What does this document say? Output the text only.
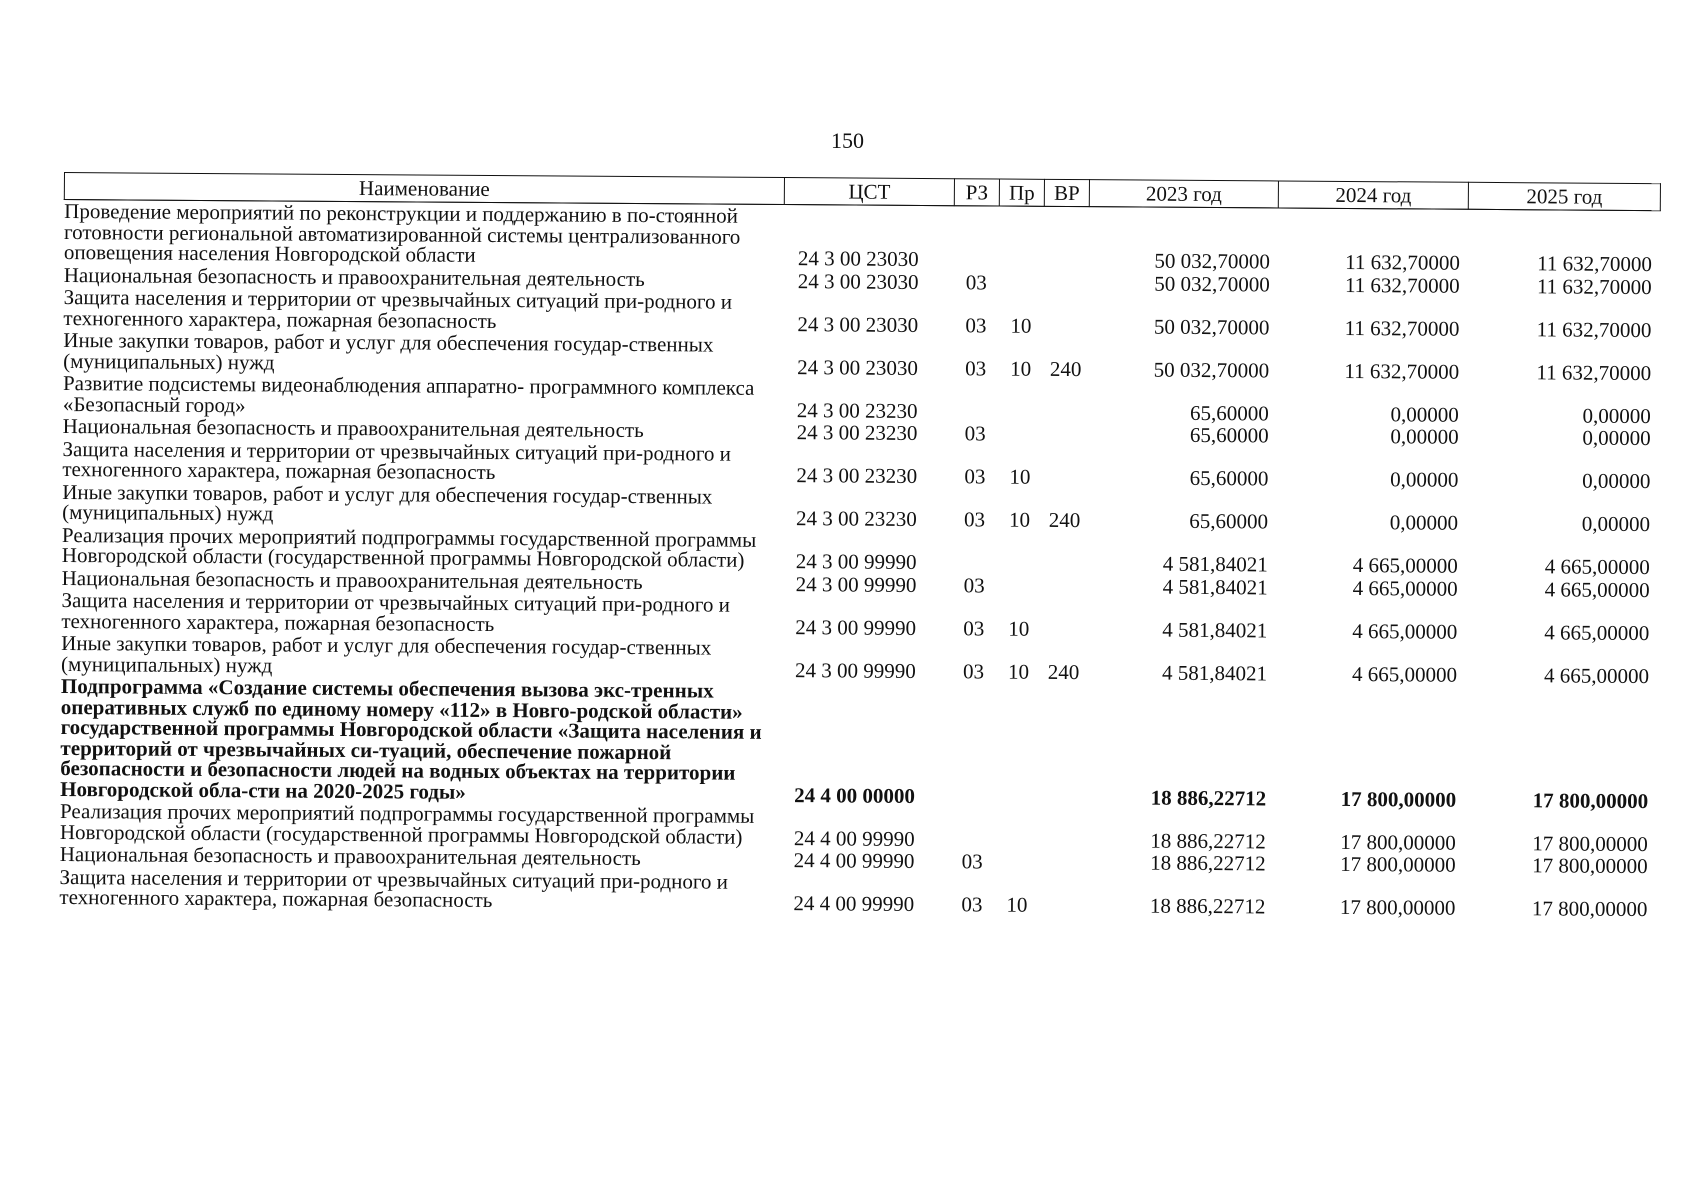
150
Наименование	ЦСТ	РЗ	Пр	ВР	2023 год	2024 год	2025 год
Проведение мероприятий по реконструкции и поддержанию в по-стоянной готовности региональной автоматизированной системы централизованного оповещения населения Новгородской области	24 3 00 23030				50 032,70000	11 632,70000	11 632,70000
Национальная безопасность и правоохранительная деятельность	24 3 00 23030	03			50 032,70000	11 632,70000	11 632,70000
Защита населения и территории от чрезвычайных ситуаций при-родного и техногенного характера, пожарная безопасность	24 3 00 23030	03	10		50 032,70000	11 632,70000	11 632,70000
Иные закупки товаров, работ и услуг для обеспечения государ-ственных (муниципальных) нужд	24 3 00 23030	03	10	240	50 032,70000	11 632,70000	11 632,70000
Развитие подсистемы видеонаблюдения аппаратно- программного комплекса «Безопасный город»	24 3 00 23230				65,60000	0,00000	0,00000
Национальная безопасность и правоохранительная деятельность	24 3 00 23230	03			65,60000	0,00000	0,00000
Защита населения и территории от чрезвычайных ситуаций при-родного и техногенного характера, пожарная безопасность	24 3 00 23230	03	10		65,60000	0,00000	0,00000
Иные закупки товаров, работ и услуг для обеспечения государ-ственных (муниципальных) нужд	24 3 00 23230	03	10	240	65,60000	0,00000	0,00000
Реализация прочих мероприятий подпрограммы государственной программы Новгородской области (государственной программы Новгородской области)	24 3 00 99990				4 581,84021	4 665,00000	4 665,00000
Национальная безопасность и правоохранительная деятельность	24 3 00 99990	03			4 581,84021	4 665,00000	4 665,00000
Защита населения и территории от чрезвычайных ситуаций при-родного и техногенного характера, пожарная безопасность	24 3 00 99990	03	10		4 581,84021	4 665,00000	4 665,00000
Иные закупки товаров, работ и услуг для обеспечения государ-ственных (муниципальных) нужд	24 3 00 99990	03	10	240	4 581,84021	4 665,00000	4 665,00000
Подпрограмма «Создание системы обеспечения вызова экс-тренных оперативных служб по единому номеру «112» в Новго-родской области» государственной программы Новгородской области «Защита населения и территорий от чрезвычайных си-туаций, обеспечение пожарной безопасности и безопасности людей на водных объектах на территории Новгородской обла-сти на 2020-2025 годы»	24 4 00 00000				18 886,22712	17 800,00000	17 800,00000
Реализация прочих мероприятий подпрограммы государственной программы Новгородской области (государственной программы Новгородской области)	24 4 00 99990				18 886,22712	17 800,00000	17 800,00000
Национальная безопасность и правоохранительная деятельность	24 4 00 99990	03			18 886,22712	17 800,00000	17 800,00000
Защита населения и территории от чрезвычайных ситуаций при-родного и техногенного характера, пожарная безопасность	24 4 00 99990	03	10		18 886,22712	17 800,00000	17 800,00000
